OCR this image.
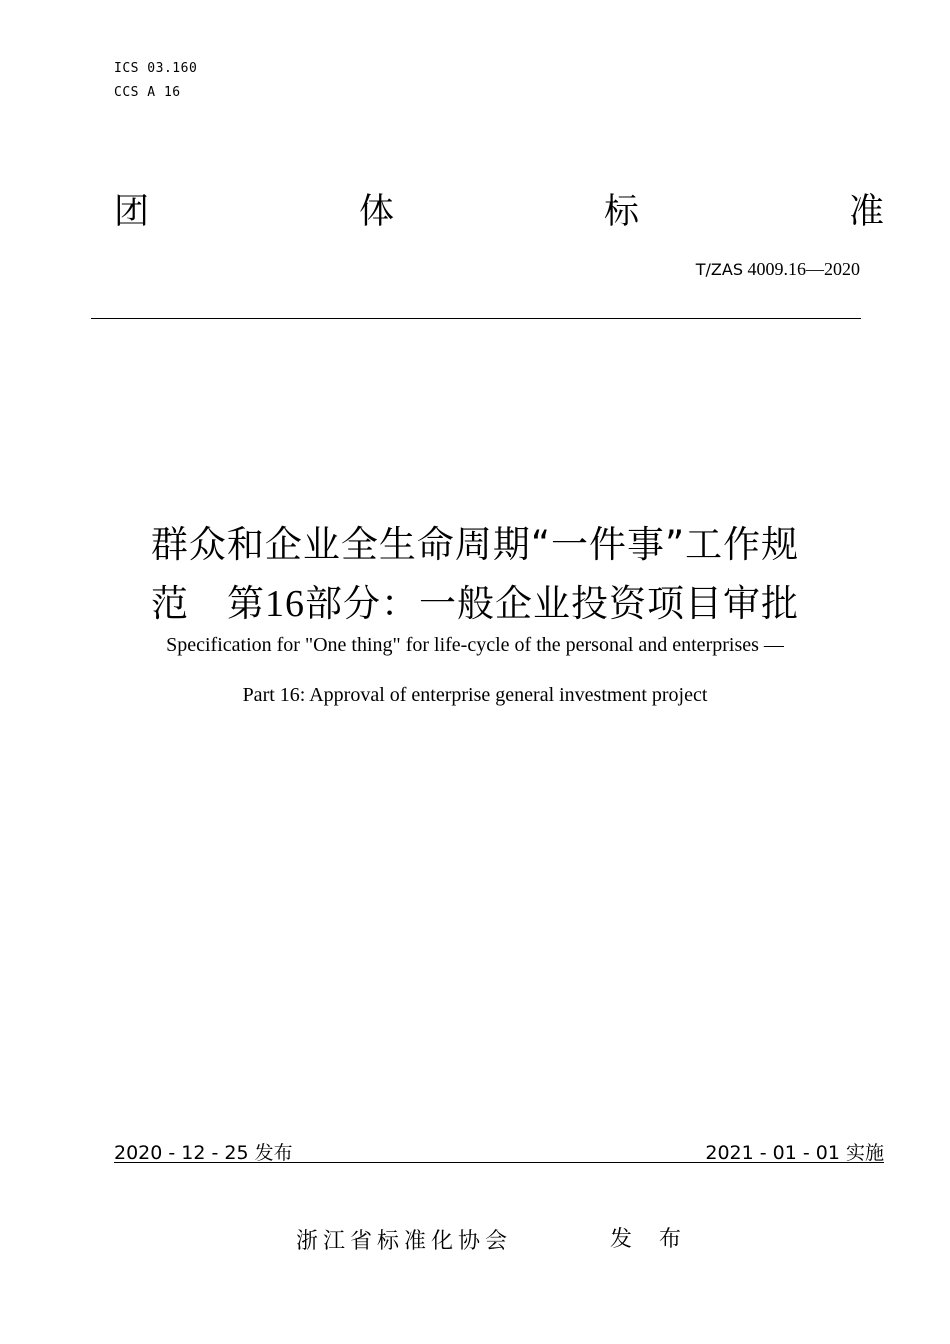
ICS 03.160
CCS A 16
团	体	标	准
T/ZAS 4009.16—2020
群众和企业全生命周期“一件事”工作规
范　第16部分：一般企业投资项目审批
Specification for "One thing" for life-cycle of the personal and enterprises —
Part 16: Approval of enterprise general investment project
2020 - 12 - 25 发布	2021 - 01 - 01 实施
浙江省标准化协会	发 布
